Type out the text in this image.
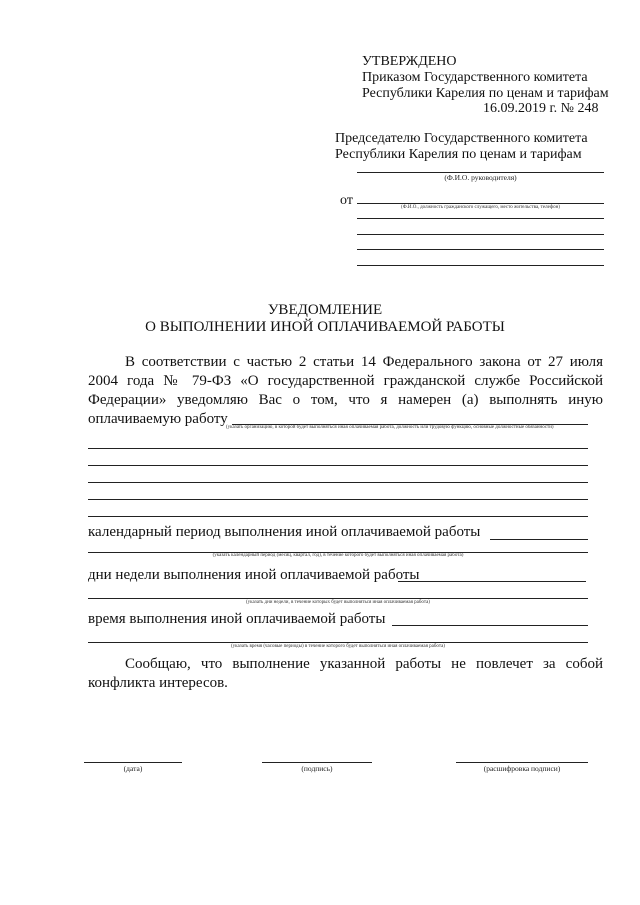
УТВЕРЖДЕНО
Приказом Государственного комитета
Республики Карелия по ценам и тарифам
16.09.2019 г. № 248
Председателю Государственного комитета
Республики Карелия по ценам и тарифам
(Ф.И.О. руководителя)
от	(Ф.И.О., должность гражданского служащего, место жительства, телефон)
УВЕДОМЛЕНИЕ
О ВЫПОЛНЕНИИ ИНОЙ ОПЛАЧИВАЕМОЙ РАБОТЫ
В соответствии с частью 2 статьи 14 Федерального закона от 27 июля
2004 года № 79-ФЗ «О государственной гражданской службе Российской
Федерации» уведомляю Вас о том, что я намерен (а) выполнять иную
оплачиваемую работу
(указать организацию, в которой будет выполняться иная оплачиваемая работа, должность или трудовую функцию, основные должностные обязанности)
календарный период выполнения иной оплачиваемой работы
(указать календарный период (месяц, квартал, год), в течение которого будет выполняться иная оплачиваемая работа)
дни недели выполнения иной оплачиваемой работы
(указать дни недели, в течение которых будет выполняться иная оплачиваемая работа)
время выполнения иной оплачиваемой работы
(указать время (часовые периоды) в течение которого будет выполняться иная оплачиваемая работа)
Сообщаю, что выполнение указанной работы не повлечет за собой
конфликта интересов.
(дата)	(подпись)	(расшифровка подписи)
